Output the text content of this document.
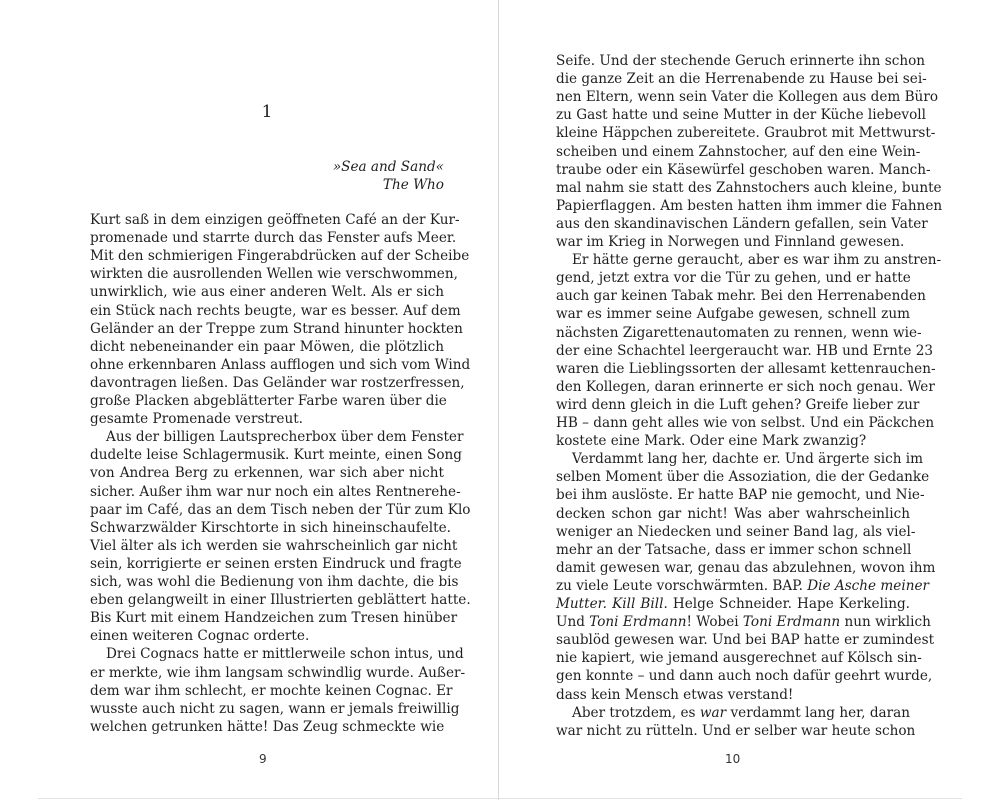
1
»Sea and Sand«
The Who
Kurt saß in dem einzigen geöffneten Café an der Kur-
promenade und starrte durch das Fenster aufs Meer.
Mit den schmierigen Fingerabdrücken auf der Scheibe
wirkten die ausrollenden Wellen wie verschwommen,
unwirklich, wie aus einer anderen Welt. Als er sich
ein Stück nach rechts beugte, war es besser. Auf dem
Geländer an der Treppe zum Strand hinunter hockten
dicht nebeneinander ein paar Möwen, die plötzlich
ohne erkennbaren Anlass aufflogen und sich vom Wind
davontragen ließen. Das Geländer war rostzerfressen,
große Placken abgeblätterter Farbe waren über die
gesamte Promenade verstreut.
Aus der billigen Lautsprecherbox über dem Fenster
dudelte leise Schlagermusik. Kurt meinte, einen Song
von Andrea Berg zu erkennen, war sich aber nicht
sicher. Außer ihm war nur noch ein altes Rentnerehe-
paar im Café, das an dem Tisch neben der Tür zum Klo
Schwarzwälder Kirschtorte in sich hineinschaufelte.
Viel älter als ich werden sie wahrscheinlich gar nicht
sein, korrigierte er seinen ersten Eindruck und fragte
sich, was wohl die Bedienung von ihm dachte, die bis
eben gelangweilt in einer Illustrierten geblättert hatte.
Bis Kurt mit einem Handzeichen zum Tresen hinüber
einen weiteren Cognac orderte.
Drei Cognacs hatte er mittlerweile schon intus, und
er merkte, wie ihm langsam schwindlig wurde. Außer-
dem war ihm schlecht, er mochte keinen Cognac. Er
wusste auch nicht zu sagen, wann er jemals freiwillig
welchen getrunken hätte! Das Zeug schmeckte wie
9
Seife. Und der stechende Geruch erinnerte ihn schon
die ganze Zeit an die Herrenabende zu Hause bei sei-
nen Eltern, wenn sein Vater die Kollegen aus dem Büro
zu Gast hatte und seine Mutter in der Küche liebevoll
kleine Häppchen zubereitete. Graubrot mit Mettwurst-
scheiben und einem Zahnstocher, auf den eine Wein-
traube oder ein Käsewürfel geschoben waren. Manch-
mal nahm sie statt des Zahnstochers auch kleine, bunte
Papierflaggen. Am besten hatten ihm immer die Fahnen
aus den skandinavischen Ländern gefallen, sein Vater
war im Krieg in Norwegen und Finnland gewesen.
Er hätte gerne geraucht, aber es war ihm zu anstren-
gend, jetzt extra vor die Tür zu gehen, und er hatte
auch gar keinen Tabak mehr. Bei den Herrenabenden
war es immer seine Aufgabe gewesen, schnell zum
nächsten Zigarettenautomaten zu rennen, wenn wie-
der eine Schachtel leergeraucht war. HB und Ernte 23
waren die Lieblingssorten der allesamt kettenrauchen-
den Kollegen, daran erinnerte er sich noch genau. Wer
wird denn gleich in die Luft gehen? Greife lieber zur
HB – dann geht alles wie von selbst. Und ein Päckchen
kostete eine Mark. Oder eine Mark zwanzig?
Verdammt lang her, dachte er. Und ärgerte sich im
selben Moment über die Assoziation, die der Gedanke
bei ihm auslöste. Er hatte BAP nie gemocht, und Nie-
decken schon gar nicht! Was aber wahrscheinlich
weniger an Niedecken und seiner Band lag, als viel-
mehr an der Tatsache, dass er immer schon schnell
damit gewesen war, genau das abzulehnen, wovon ihm
zu viele Leute vorschwärmten. BAP. Die Asche meiner
Mutter. Kill Bill. Helge Schneider. Hape Kerkeling.
Und Toni Erdmann! Wobei Toni Erdmann nun wirklich
saublöd gewesen war. Und bei BAP hatte er zumindest
nie kapiert, wie jemand ausgerechnet auf Kölsch sin-
gen konnte – und dann auch noch dafür geehrt wurde,
dass kein Mensch etwas verstand!
Aber trotzdem, es war verdammt lang her, daran
war nicht zu rütteln. Und er selber war heute schon
10
